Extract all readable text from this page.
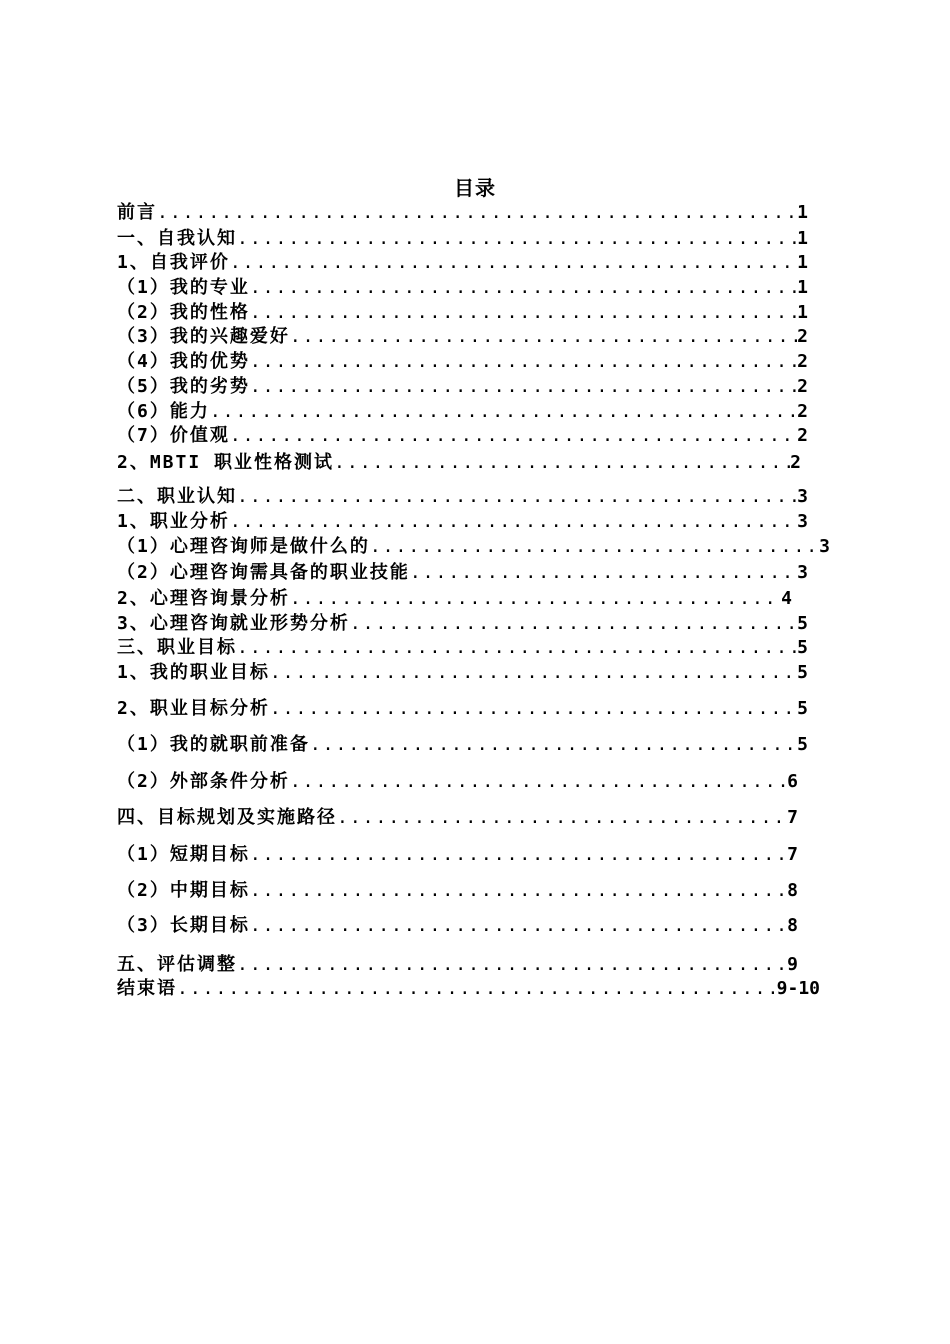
目录
前言 .....	1
一、自我认知 .....	1
1、自我评价 .....	1
（1）我的专业 .....	1
（2）我的性格 .....	1
（3）我的兴趣爱好 .....	2
（4）我的优势 .....	2
（5）我的劣势 .....	2
（6）能力 .....	2
（7）价值观 .....	2
2、MBTI 职业性格测试 .....	2
二、职业认知 .....	3
1、职业分析 .....	3
（1）心理咨询师是做什么的 .....	3
（2）心理咨询需具备的职业技能 .....	3
2、心理咨询景分析 .....	4
3、心理咨询就业形势分析 .....	5
三、职业目标 .....	5
1、我的职业目标 .....	5
2、职业目标分析 .....	5
（1）我的就职前准备 .....	5
（2）外部条件分析 .....	6
四、目标规划及实施路径 .....	7
（1）短期目标 .....	7
（2）中期目标 .....	8
（3）长期目标 .....	8
五、评估调整 .....	9
结束语 .....	9-10
